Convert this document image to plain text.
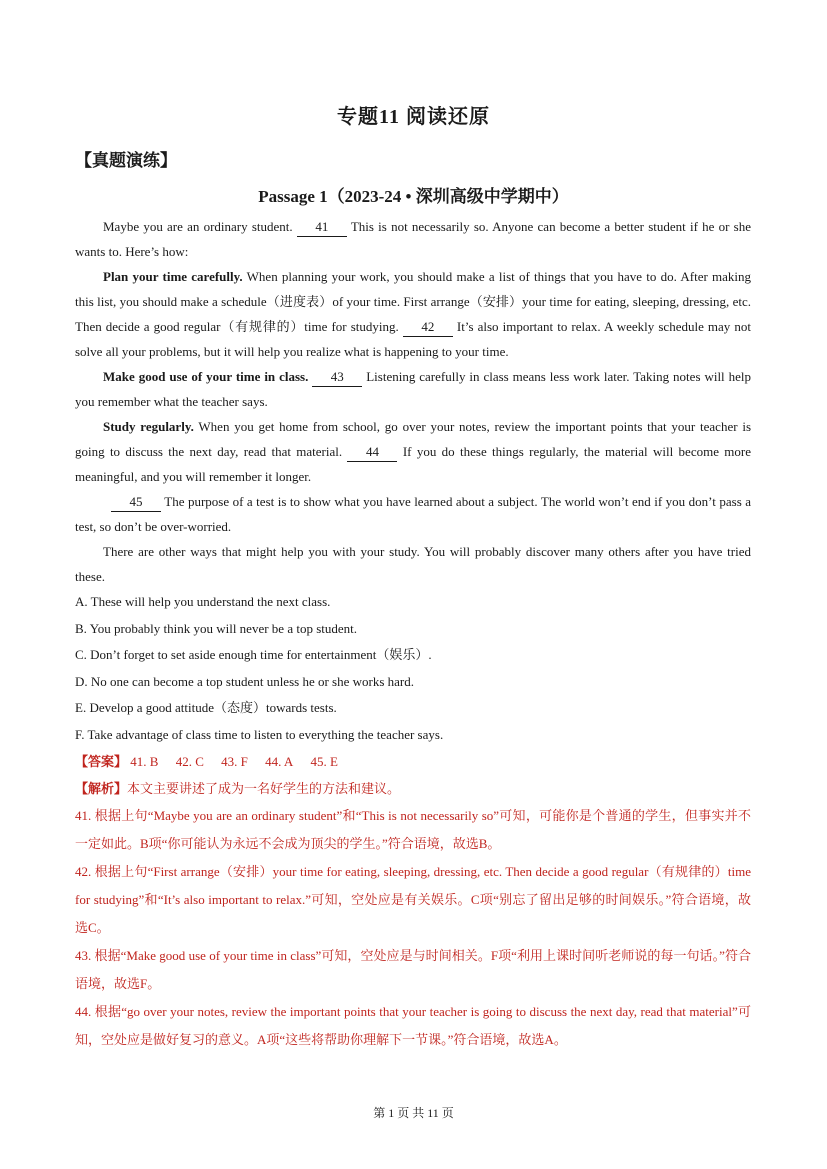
专题11 阅读还原
【真题演练】
Passage 1（2023-24 • 深圳高级中学期中）

Maybe you are an ordinary student. 41 This is not necessarily so. Anyone can become a better student if he or she wants to. Here’s how:

Plan your time carefully. When planning your work, you should make a list of things that you have to do. After making this list, you should make a schedule（进度表）of your time. First arrange（安排）your time for eating, sleeping, dressing, etc. Then decide a good regular（有规律的）time for studying. 42 It’s also important to relax. A weekly schedule may not solve all your problems, but it will help you realize what is happening to your time.

Make good use of your time in class. 43 Listening carefully in class means less work later. Taking notes will help you remember what the teacher says.

Study regularly. When you get home from school, go over your notes, review the important points that your teacher is going to discuss the next day, read that material. 44 If you do these things regularly, the material will become more meaningful, and you will remember it longer.

45 The purpose of a test is to show what you have learned about a subject. The world won’t end if you don’t pass a test, so don’t be over-worried.

There are other ways that might help you with your study. You will probably discover many others after you have tried these.

A. These will help you understand the next class.

B. You probably think you will never be a top student.

C. Don’t forget to set aside enough time for entertainment（娱乐）.

D. No one can become a top student unless he or she works hard.

E. Develop a good attitude（态度）towards tests.

F. Take advantage of class time to listen to everything the teacher says.

【答案】 41. B 42. C 43. F 44. A 45. E

【解析】本文主要讲述了成为一名好学生的方法和建议。

41. 根据上句“Maybe you are an ordinary student”和“This is not necessarily so”可知，可能你是个普通的学生，但事实并不一定如此。B项“你可能认为永远不会成为顶尖的学生。”符合语境，故选B。

42. 根据上句“First arrange（安排）your time for eating, sleeping, dressing, etc. Then decide a good regular（有规律的）time for studying”和“It’s also important to relax.”可知，空处应是有关娱乐。C项“别忘了留出足够的时间娱乐。”符合语境，故选C。

43. 根据“Make good use of your time in class”可知，空处应是与时间相关。F项“利用上课时间听老师说的每一句话。”符合语境，故选F。

44. 根据“go over your notes, review the important points that your teacher is going to discuss the next day, read that material”可知，空处应是做好复习的意义。A项“这些将帮助你理解下一节课。”符合语境，故选A。

第 1 页 共 11 页
